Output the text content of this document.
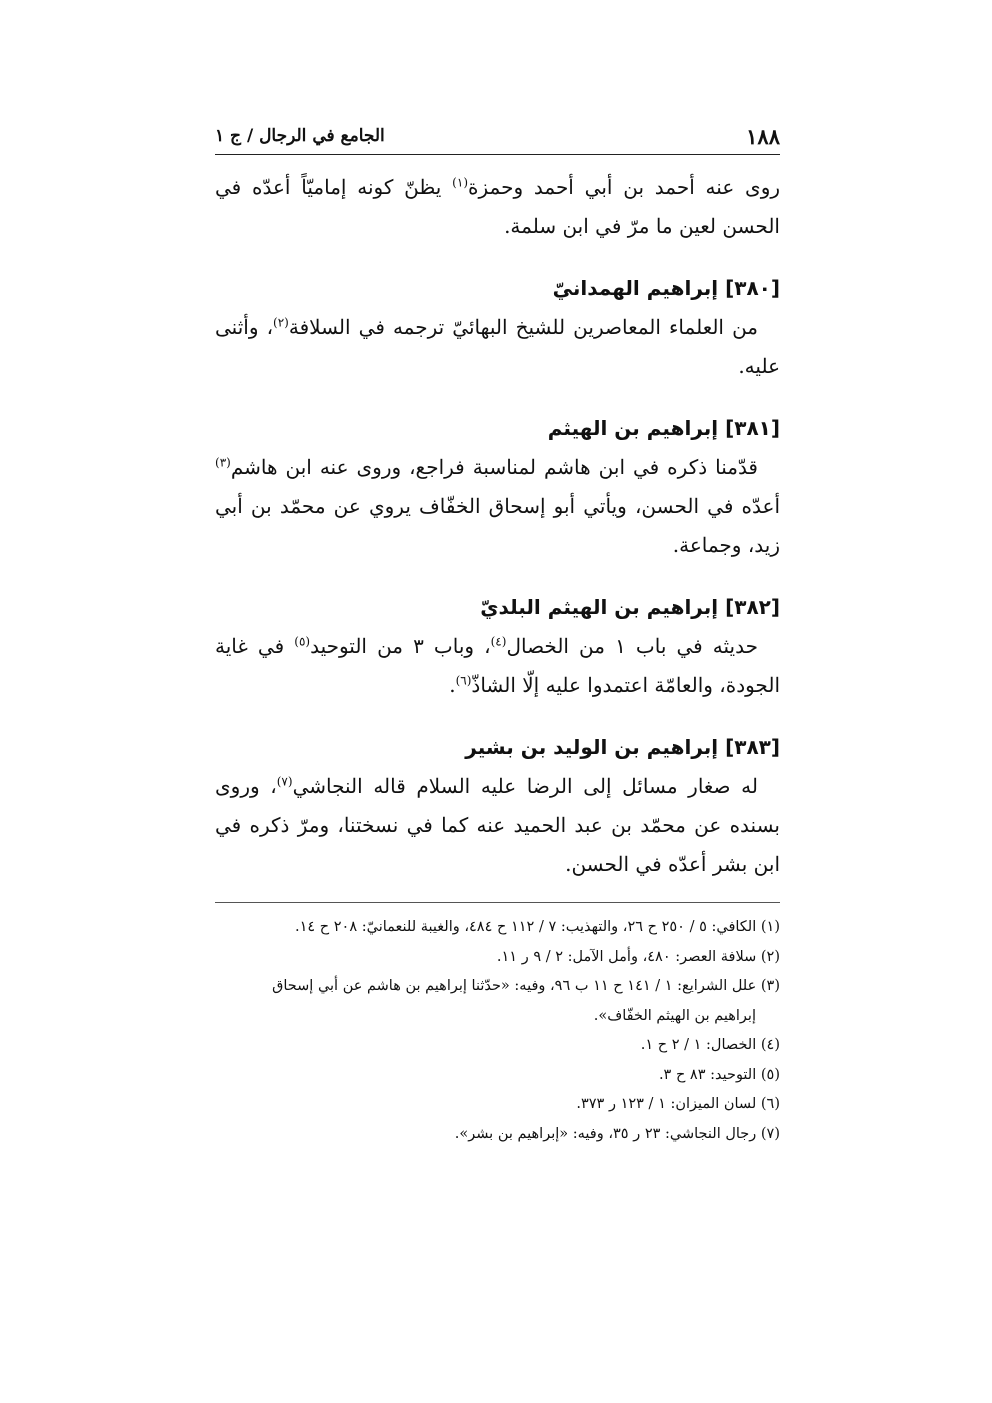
١٨٨
الجامع في الرجال / ج ١

روى عنه أحمد بن أبي أحمد وحمزة$^{(١)}$ يظنّ كونه إماميّاً أعدّه في الحسن لعين ما مرّ في ابن سلمة.

[٣٨٠] إبراهيم الهمدانيّ

من العلماء المعاصرين للشيخ البهائيّ ترجمه في السلافة$^{(٢)}$، وأثنى عليه.

[٣٨١] إبراهيم بن الهيثم

قدّمنا ذكره في ابن هاشم لمناسبة فراجع، وروى عنه ابن هاشم$^{(٣)}$ أعدّه في الحسن، ويأتي أبو إسحاق الخفّاف يروي عن محمّد بن أبي زيد، وجماعة.

[٣٨٢] إبراهيم بن الهيثم البلديّ

حديثه في باب ١ من الخصال$^{(٤)}$، وباب ٣ من التوحيد$^{(٥)}$ في غاية الجودة، والعامّة اعتمدوا عليه إلّا الشاذّ$^{(٦)}$.

[٣٨٣] إبراهيم بن الوليد بن بشير

له صغار مسائل إلى الرضا عليه السلام قاله النجاشي$^{(٧)}$، وروى بسنده عن محمّد بن عبد الحميد عنه كما في نسختنا، ومرّ ذكره في ابن بشر أعدّه في الحسن.

(١) الكافي: ٥ / ٢٥٠ ح ٢٦، والتهذيب: ٧ / ١١٢ ح ٤٨٤، والغيبة للنعمانيّ: ٢٠٨ ح ١٤.

(٢) سلافة العصر: ٤٨٠، وأمل الآمل: ٢ / ٩ ر ١١.

(٣) علل الشرايع: ١ / ١٤١ ح ١١ ب ٩٦، وفيه: «حدّثنا إبراهيم بن هاشم عن أبي إسحاق

إبراهيم بن الهيثم الخفّاف».

(٤) الخصال: ١ / ٢ ح ١.

(٥) التوحيد: ٨٣ ح ٣.

(٦) لسان الميزان: ١ / ١٢٣ ر ٣٧٣.

(٧) رجال النجاشي: ٢٣ ر ٣٥، وفيه: «إبراهيم بن بشر».
